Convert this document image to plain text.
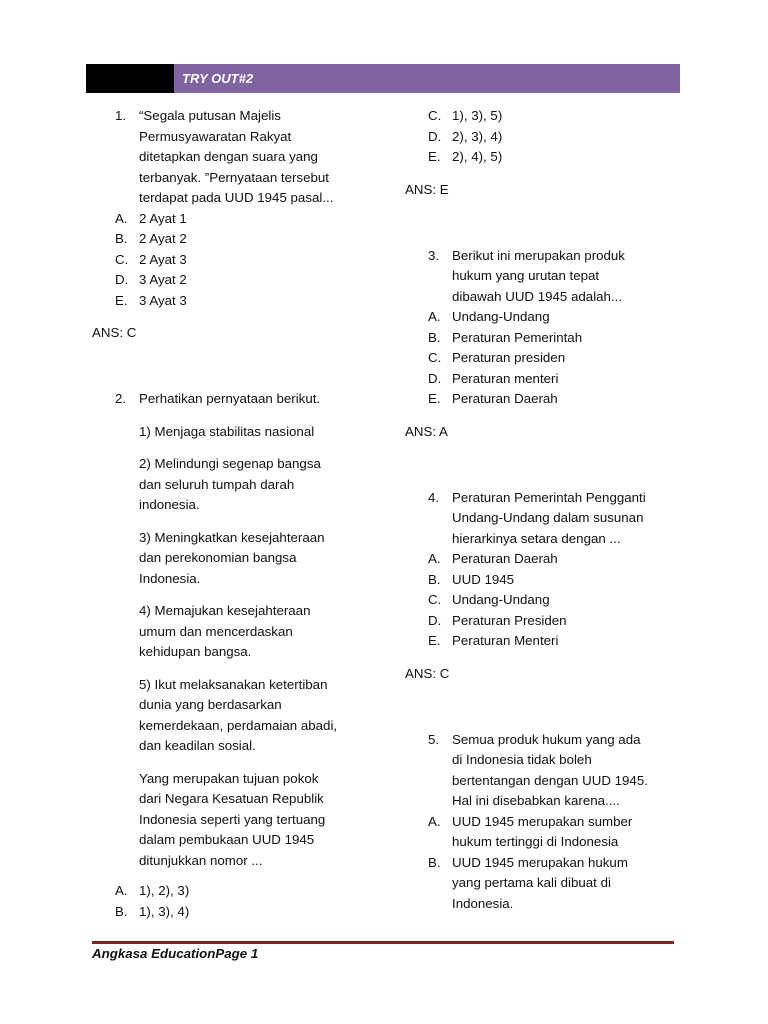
TRY OUT#2
1. “Segala putusan Majelis
Permusyawaratan Rakyat
ditetapkan dengan suara yang
terbanyak. ”Pernyataan tersebut
terdapat pada UUD 1945 pasal...
A. 2 Ayat 1
B. 2 Ayat 2
C. 2 Ayat 3
D. 3 Ayat 2
E. 3 Ayat 3
ANS: C
2. Perhatikan pernyataan berikut.
1) Menjaga stabilitas nasional
2) Melindungi segenap bangsa
dan seluruh tumpah darah
indonesia.
3) Meningkatkan kesejahteraan
dan perekonomian bangsa
Indonesia.
4) Memajukan kesejahteraan
umum dan mencerdaskan
kehidupan bangsa.
5) Ikut melaksanakan ketertiban
dunia yang berdasarkan
kemerdekaan, perdamaian abadi,
dan keadilan sosial.
Yang merupakan tujuan pokok
dari Negara Kesatuan Republik
Indonesia seperti yang tertuang
dalam pembukaan UUD 1945
ditunjukkan nomor ...
A. 1), 2), 3)
B. 1), 3), 4)
C. 1), 3), 5)
D. 2), 3), 4)
E. 2), 4), 5)
ANS: E
3. Berikut ini merupakan produk
hukum yang urutan tepat
dibawah UUD 1945 adalah...
A. Undang-Undang
B. Peraturan Pemerintah
C. Peraturan presiden
D. Peraturan menteri
E. Peraturan Daerah
ANS: A
4. Peraturan Pemerintah Pengganti
Undang-Undang dalam susunan
hierarkinya setara dengan ...
A. Peraturan Daerah
B. UUD 1945
C. Undang-Undang
D. Peraturan Presiden
E. Peraturan Menteri
ANS: C
5. Semua produk hukum yang ada
di Indonesia tidak boleh
bertentangan dengan UUD 1945.
Hal ini disebabkan karena....
A. UUD 1945 merupakan sumber
hukum tertinggi di Indonesia
B. UUD 1945 merupakan hukum
yang pertama kali dibuat di
Indonesia.
Angkasa EducationPage 1
